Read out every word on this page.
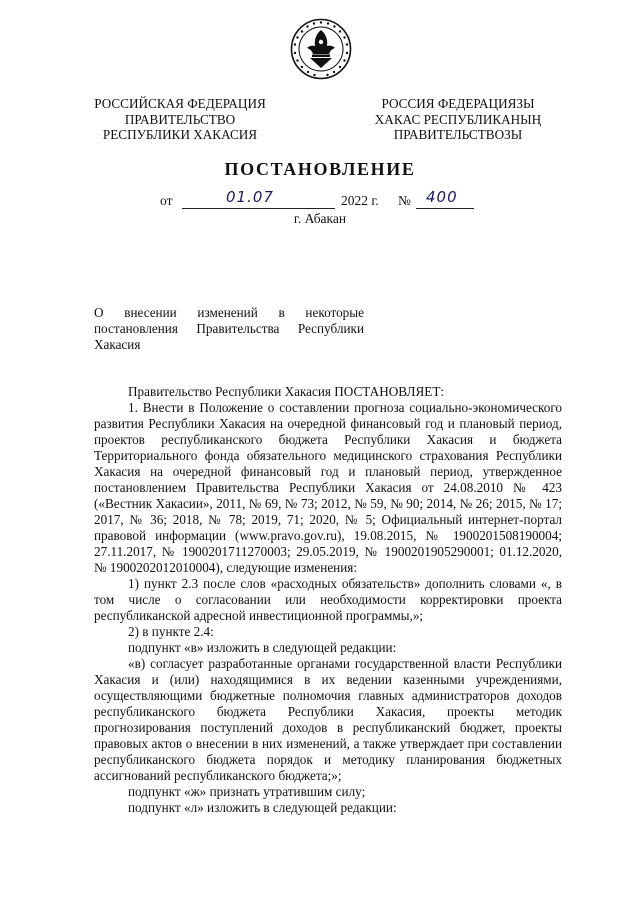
РОССИЙСКАЯ ФЕДЕРАЦИЯ
ПРАВИТЕЛЬСТВО
РЕСПУБЛИКИ ХАКАСИЯ
РОССИЯ ФЕДЕРАЦИЯЗЫ
ХАКАС РЕСПУБЛИКАНЫҢ
ПРАВИТЕЛЬСТВОЗЫ
ПОСТАНОВЛЕНИЕ
от	01.07	2022 г. № 400
г. Абакан
О внесении изменений в некоторые
постановления Правительства Республики
Хакасия
Правительство Республики Хакасия ПОСТАНОВЛЯЕТ:
1. Внести в Положение о составлении прогноза социально-экономического
развития Республики Хакасия на очередной финансовый год и плановый период,
проектов республиканского бюджета Республики Хакасия и бюджета
Территориального фонда обязательного медицинского страхования Республики
Хакасия на очередной финансовый год и плановый период, утвержденное
постановлением Правительства Республики Хакасия от 24.08.2010 № 423
(«Вестник Хакасии», 2011, № 69, № 73; 2012, № 59, № 90; 2014, № 26; 2015, № 17;
2017, № 36; 2018, № 78; 2019, 71; 2020, № 5; Официальный интернет-портал
правовой информации (www.pravo.gov.ru), 19.08.2015, № 1900201508190004;
27.11.2017, № 1900201711270003; 29.05.2019, № 1900201905290001; 01.12.2020,
№ 1900202012010004), следующие изменения:
1) пункт 2.3 после слов «расходных обязательств» дополнить словами «, в
том числе о согласовании или необходимости корректировки проекта
республиканской адресной инвестиционной программы,»;
2) в пункте 2.4:
подпункт «в» изложить в следующей редакции:
«в) согласует разработанные органами государственной власти Республики
Хакасия и (или) находящимися в их ведении казенными учреждениями,
осуществляющими бюджетные полномочия главных администраторов доходов
республиканского бюджета Республики Хакасия, проекты методик
прогнозирования поступлений доходов в республиканский бюджет, проекты
правовых актов о внесении в них изменений, а также утверждает при составлении
республиканского бюджета порядок и методику планирования бюджетных
ассигнований республиканского бюджета;»;
подпункт «ж» признать утратившим силу;
подпункт «л» изложить в следующей редакции:
